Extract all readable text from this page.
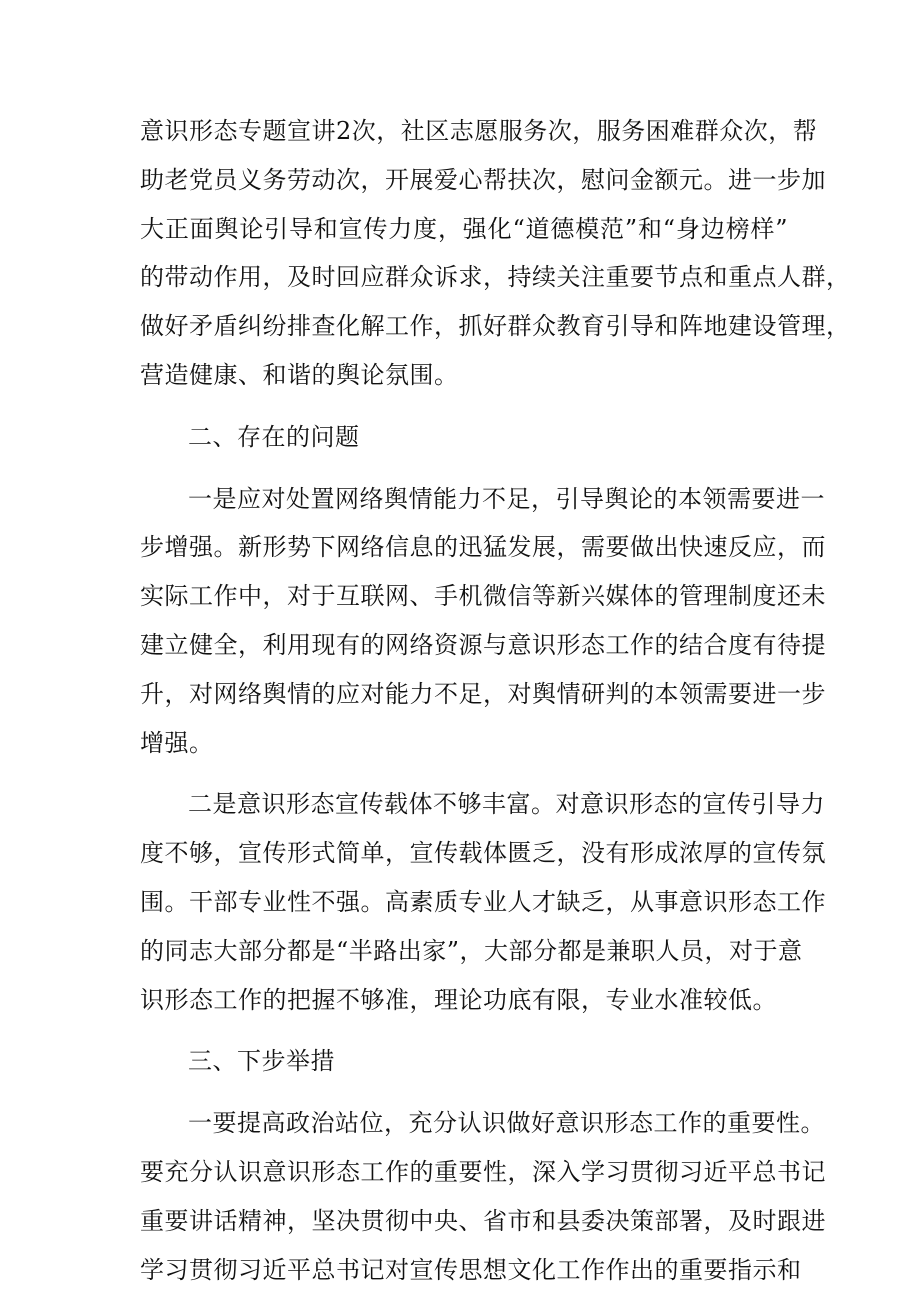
意识形态专题宣讲2次，社区志愿服务次，服务困难群众次，帮
助老党员义务劳动次，开展爱心帮扶次，慰问金额元。进一步加
大正面舆论引导和宣传力度，强化“道德模范”和“身边榜样”
的带动作用，及时回应群众诉求，持续关注重要节点和重点人群，
做好矛盾纠纷排查化解工作，抓好群众教育引导和阵地建设管理，
营造健康、和谐的舆论氛围。
二、存在的问题
一是应对处置网络舆情能力不足，引导舆论的本领需要进一
步增强。新形势下网络信息的迅猛发展，需要做出快速反应，而
实际工作中，对于互联网、手机微信等新兴媒体的管理制度还未
建立健全，利用现有的网络资源与意识形态工作的结合度有待提
升，对网络舆情的应对能力不足，对舆情研判的本领需要进一步
增强。
二是意识形态宣传载体不够丰富。对意识形态的宣传引导力
度不够，宣传形式简单，宣传载体匮乏，没有形成浓厚的宣传氛
围。干部专业性不强。高素质专业人才缺乏，从事意识形态工作
的同志大部分都是“半路出家”，大部分都是兼职人员，对于意
识形态工作的把握不够准，理论功底有限，专业水准较低。
三、下步举措
一要提高政治站位，充分认识做好意识形态工作的重要性。
要充分认识意识形态工作的重要性，深入学习贯彻习近平总书记
重要讲话精神，坚决贯彻中央、省市和县委决策部署，及时跟进
学习贯彻习近平总书记对宣传思想文化工作作出的重要指示和
